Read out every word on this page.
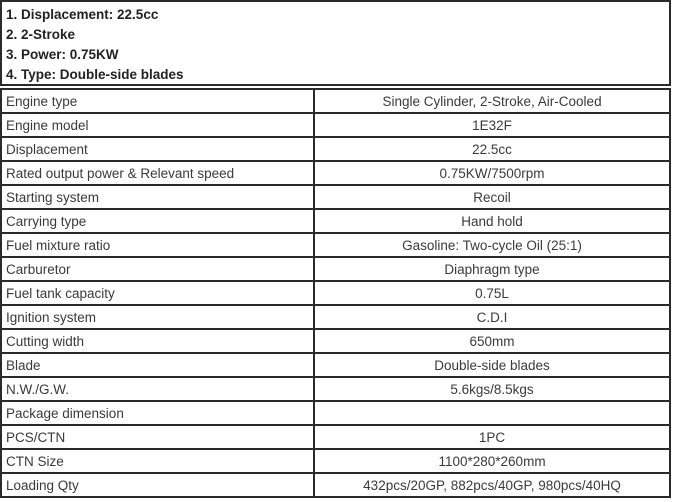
1. Displacement: 22.5cc
2. 2-Stroke
3. Power: 0.75KW
4. Type: Double-side blades
Engine type	Single Cylinder, 2-Stroke, Air-Cooled
Engine model	1E32F
Displacement	22.5cc
Rated output power & Relevant speed	0.75KW/7500rpm
Starting system	Recoil
Carrying type	Hand hold
Fuel mixture ratio	Gasoline: Two-cycle Oil (25:1)
Carburetor	Diaphragm type
Fuel tank capacity	0.75L
Ignition system	C.D.I
Cutting width	650mm
Blade	Double-side blades
N.W./G.W.	5.6kgs/8.5kgs
Package dimension	
PCS/CTN	1PC
CTN Size	1100*280*260mm
Loading Qty	432pcs/20GP, 882pcs/40GP, 980pcs/40HQ
